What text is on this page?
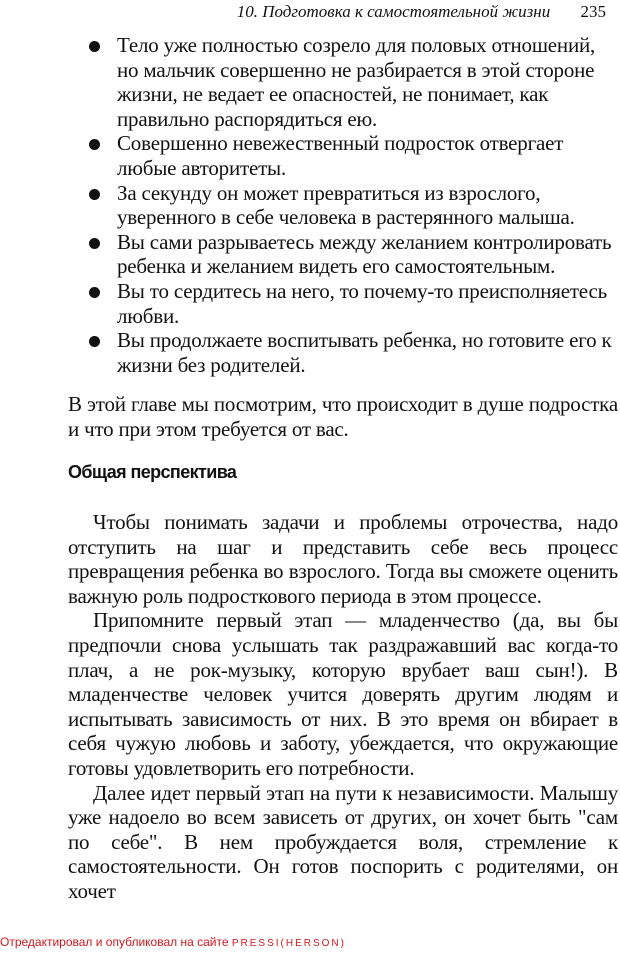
10. Подготовка к самостоятельной жизни 235
Тело уже полностью созрело для половых отношений, но мальчик совершенно не разбирается в этой стороне жизни, не ведает ее опасностей, не понимает, как правильно распорядиться ею.
Совершенно невежественный подросток отвергает любые авторитеты.
За секунду он может превратиться из взрослого, уверенного в себе человека в растерянного малыша.
Вы сами разрываетесь между желанием контролировать ребенка и желанием видеть его самостоятельным.
Вы то сердитесь на него, то почему-то преисполняетесь любви.
Вы продолжаете воспитывать ребенка, но готовите его к жизни без родителей.

В этой главе мы посмотрим, что происходит в душе подростка и что при этом требуется от вас.

Общая перспектива

Чтобы понимать задачи и проблемы отрочества, надо отступить на шаг и представить себе весь процесс превращения ребенка во взрослого. Тогда вы сможете оценить важную роль подросткового периода в этом процессе.

Припомните первый этап — младенчество (да, вы бы предпочли снова услышать так раздражавший вас когда-то плач, а не рок-музыку, которую врубает ваш сын!). В младенчестве человек учится доверять другим людям и испытывать зависимость от них. В это время он вбирает в себя чужую любовь и заботу, убеждается, что окружающие готовы удовлетворить его потребности.

Далее идет первый этап на пути к независимости. Малышу уже надоело во всем зависеть от других, он хочет быть "сам по себе". В нем пробуждается воля, стремление к самостоятельности. Он готов поспорить с родителями, он хочет

Отредактировал и опубликовал на сайте PRESSI(HERSON)
